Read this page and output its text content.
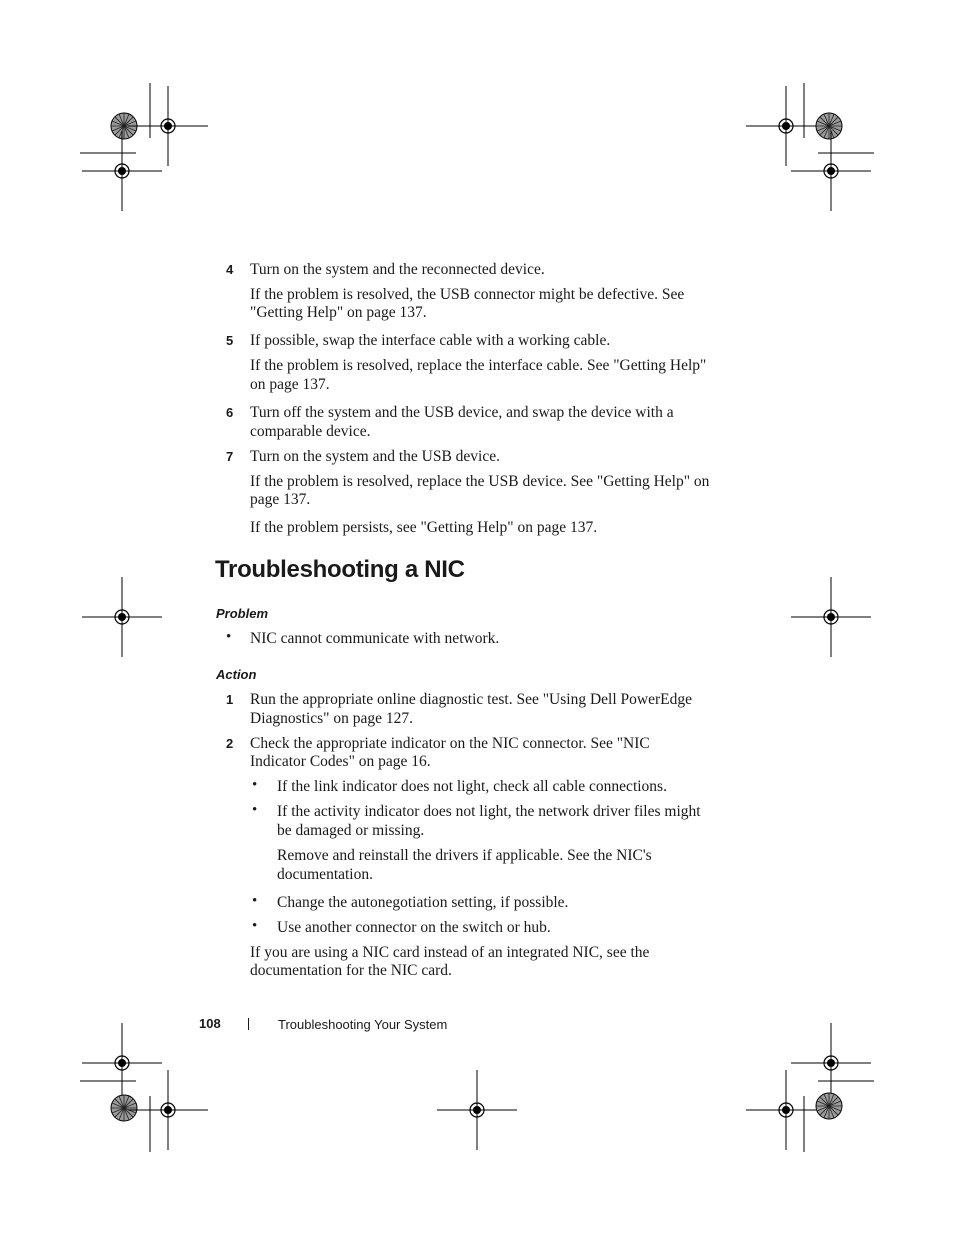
4 Turn on the system and the reconnected device.
If the problem is resolved, the USB connector might be defective. See
"Getting Help" on page 137.
5 If possible, swap the interface cable with a working cable.
If the problem is resolved, replace the interface cable. See "Getting Help"
on page 137.
6 Turn off the system and the USB device, and swap the device with a
comparable device.
7 Turn on the system and the USB device.
If the problem is resolved, replace the USB device. See "Getting Help" on
page 137.
If the problem persists, see "Getting Help" on page 137.
Troubleshooting a NIC
Problem
• NIC cannot communicate with network.
Action
1 Run the appropriate online diagnostic test. See "Using Dell PowerEdge
Diagnostics" on page 127.
2 Check the appropriate indicator on the NIC connector. See "NIC
Indicator Codes" on page 16.
• If the link indicator does not light, check all cable connections.
• If the activity indicator does not light, the network driver files might
be damaged or missing.
Remove and reinstall the drivers if applicable. See the NIC's
documentation.
• Change the autonegotiation setting, if possible.
• Use another connector on the switch or hub.
If you are using a NIC card instead of an integrated NIC, see the
documentation for the NIC card.
108	Troubleshooting Your System
